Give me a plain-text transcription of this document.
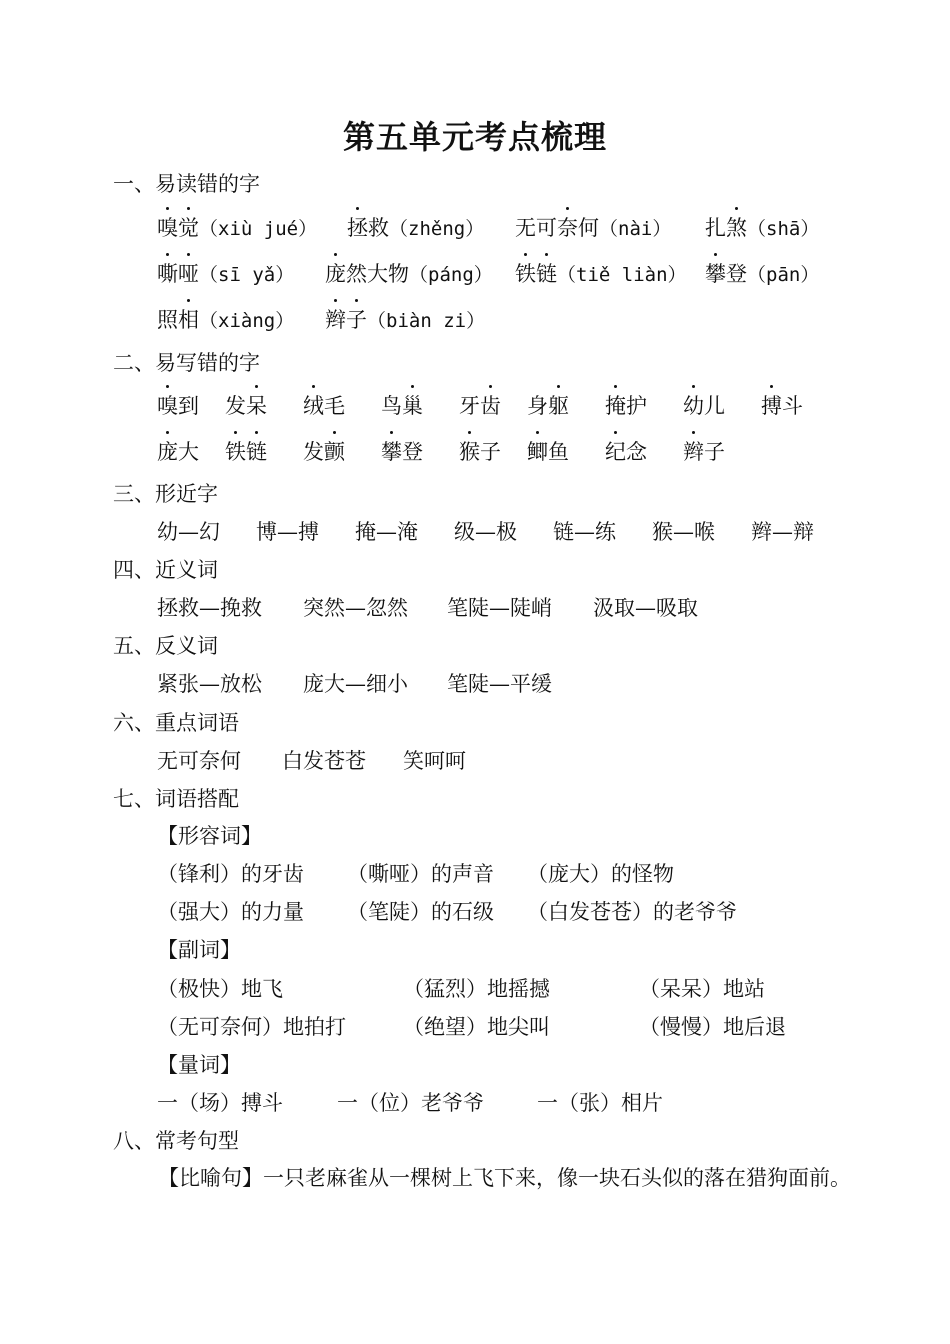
第五单元考点梳理
一、易读错的字
嗅觉（xiù jué） 拯救（zhěng） 无可奈何（nài） 扎煞（shā）
嘶哑（sī yǎ） 庞然大物（páng） 铁链（tiě liàn） 攀登（pān）
照相（xiàng） 辫子（biàn zi）
二、易写错的字
嗅到 发呆 绒毛 鸟巢 牙齿 身躯 掩护 幼儿 搏斗
庞大 铁链 发颤 攀登 猴子 鲫鱼 纪念 辫子
三、形近字
幼—幻 博—搏 掩—淹 级—极 链—练 猴—喉 辫—辩
四、近义词
拯救—挽救 突然—忽然 笔陡—陡峭 汲取—吸取
五、反义词
紧张—放松 庞大—细小 笔陡—平缓
六、重点词语
无可奈何 白发苍苍 笑呵呵
七、词语搭配
【形容词】
（锋利）的牙齿 （嘶哑）的声音 （庞大）的怪物
（强大）的力量 （笔陡）的石级 （白发苍苍）的老爷爷
【副词】
（极快）地飞	（猛烈）地摇撼	（呆呆）地站
（无可奈何）地拍打	（绝望）地尖叫	（慢慢）地后退
【量词】
一（场）搏斗	一（位）老爷爷	一（张）相片
八、常考句型
【比喻句】一只老麻雀从一棵树上飞下来，像一块石头似的落在猎狗面前。
